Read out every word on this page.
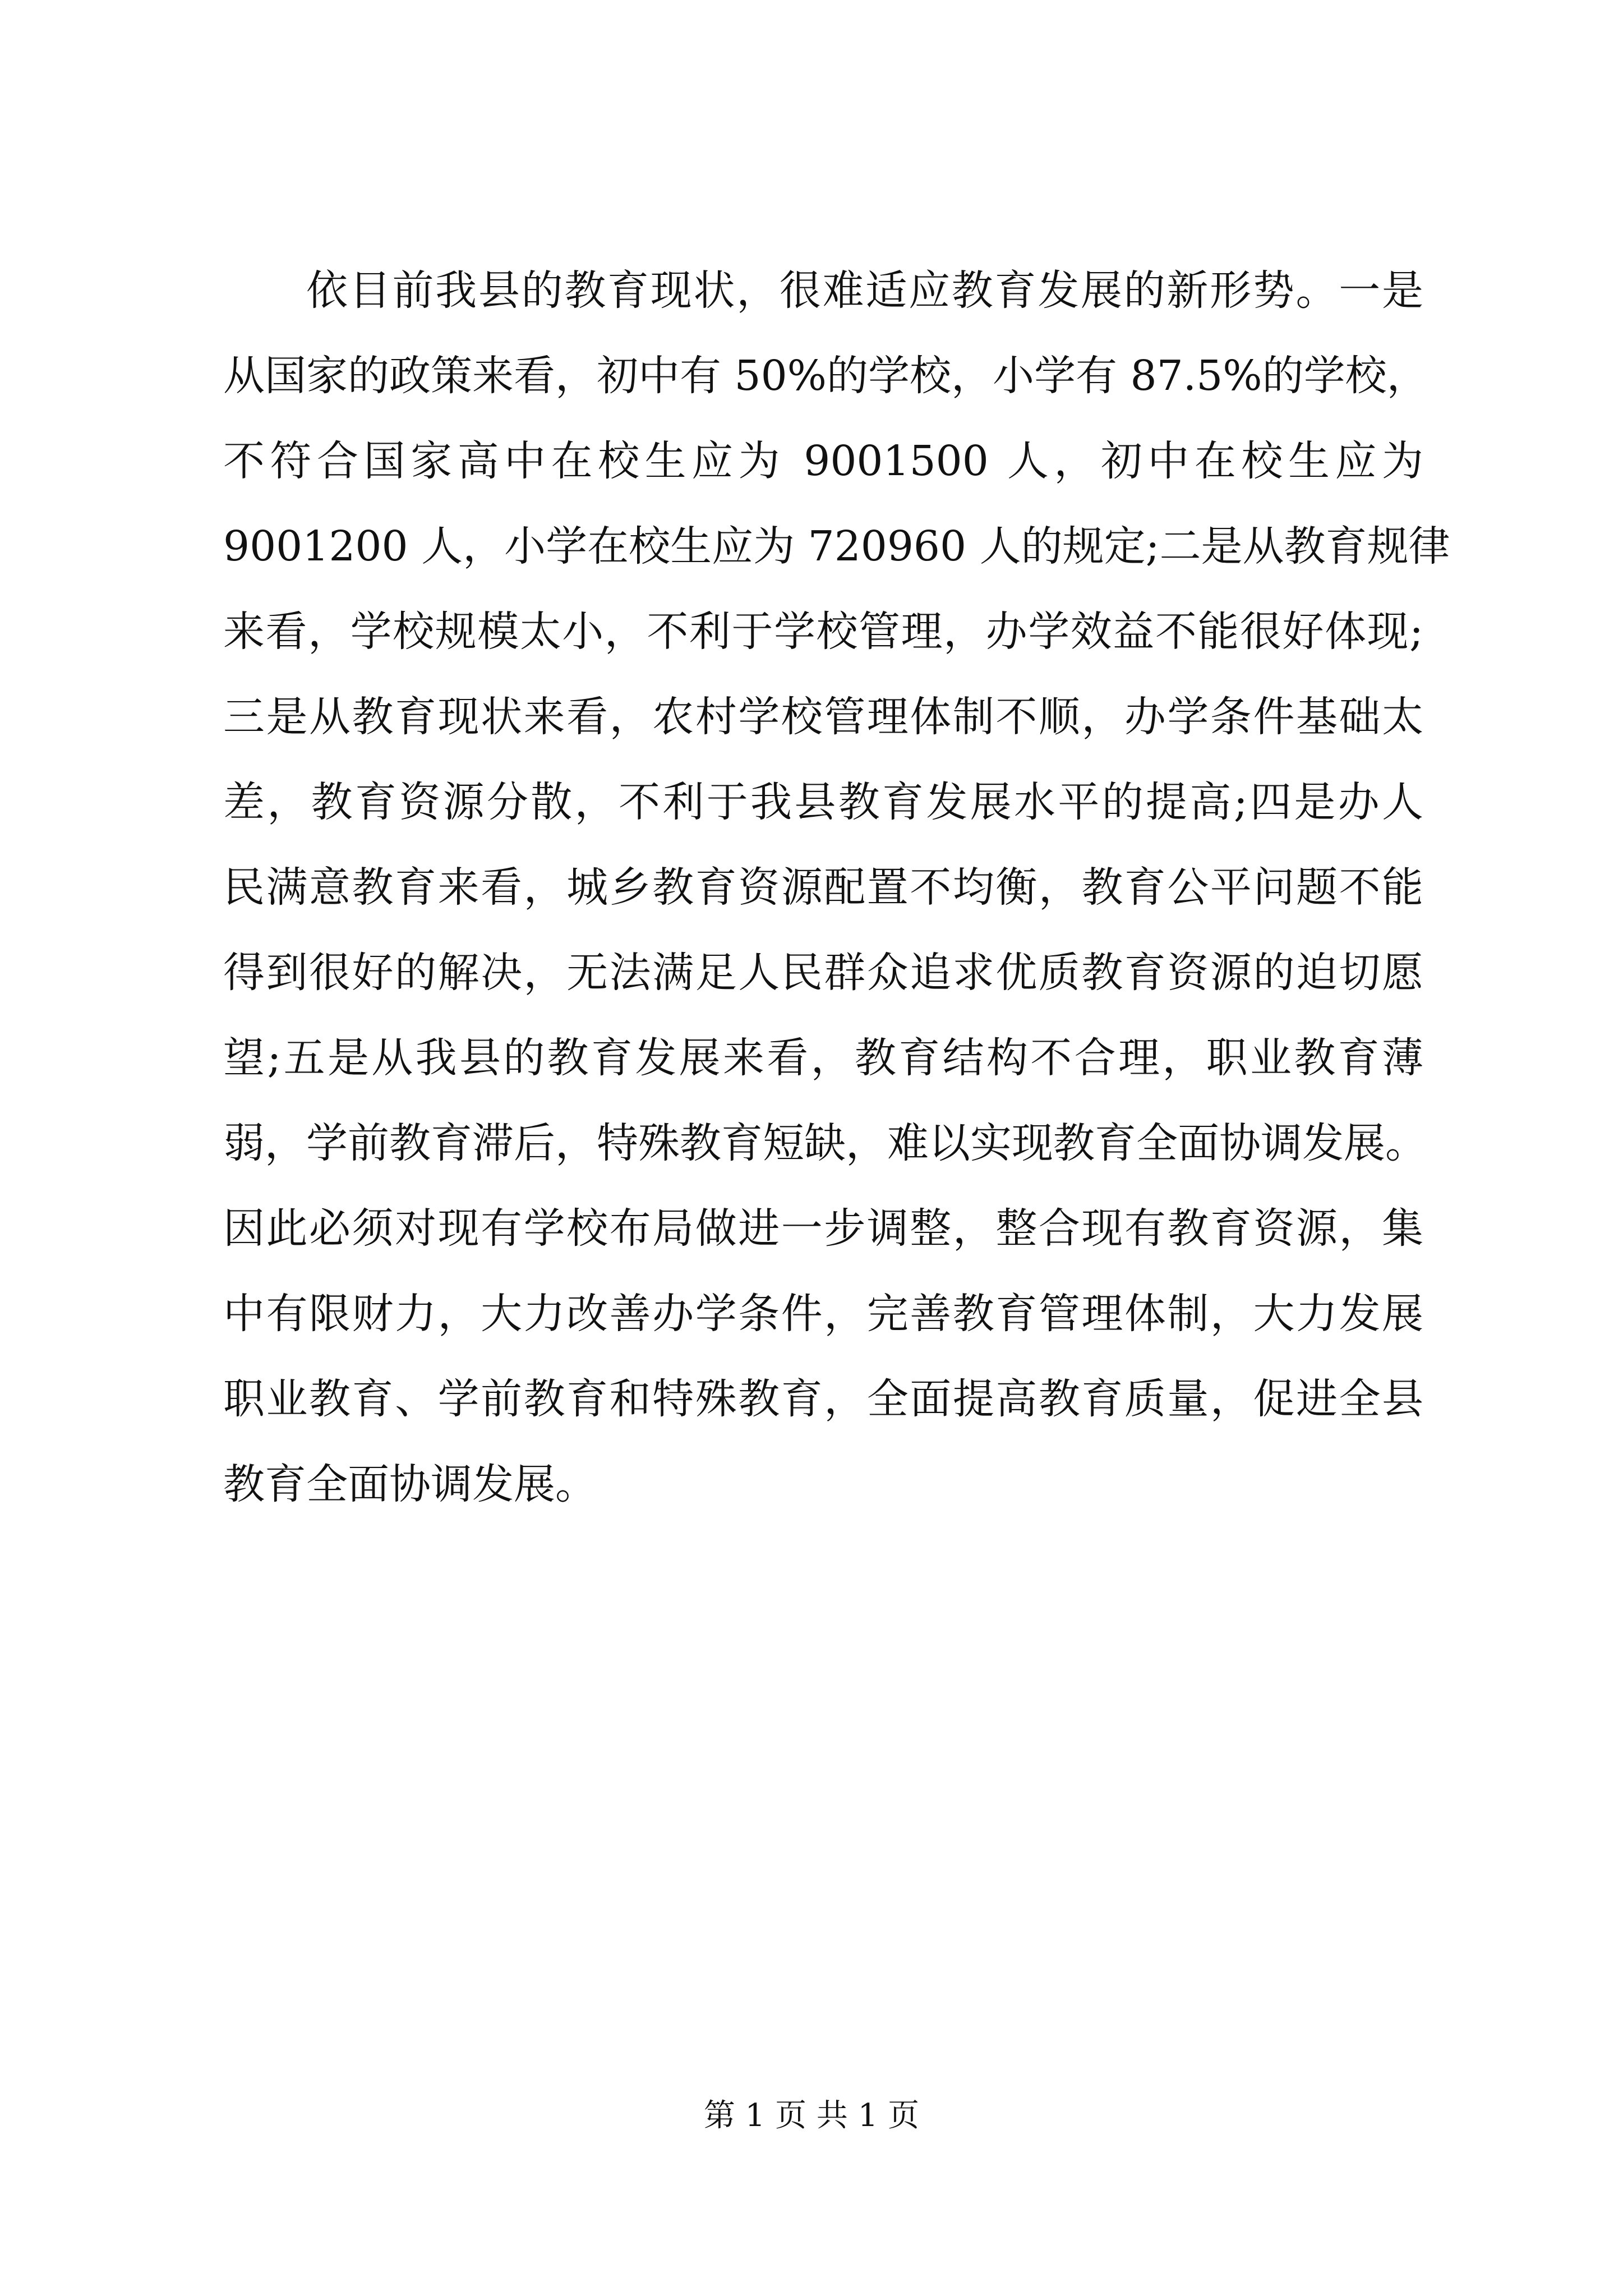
依目前我县的教育现状，很难适应教育发展的新形势。一是
从国家的政策来看，初中有 50%的学校，小学有 87.5%的学校，
不符合国家高中在校生应为 9001500 人，初中在校生应为
9001200 人，小学在校生应为 720960 人的规定;二是从教育规律
来看，学校规模太小，不利于学校管理，办学效益不能很好体现;
三是从教育现状来看，农村学校管理体制不顺，办学条件基础太
差，教育资源分散，不利于我县教育发展水平的提高;四是办人
民满意教育来看，城乡教育资源配置不均衡，教育公平问题不能
得到很好的解决，无法满足人民群众追求优质教育资源的迫切愿
望;五是从我县的教育发展来看，教育结构不合理，职业教育薄
弱，学前教育滞后，特殊教育短缺，难以实现教育全面协调发展。
因此必须对现有学校布局做进一步调整，整合现有教育资源，集
中有限财力，大力改善办学条件，完善教育管理体制，大力发展
职业教育、学前教育和特殊教育，全面提高教育质量，促进全县
教育全面协调发展。
第 1 页 共 1 页
